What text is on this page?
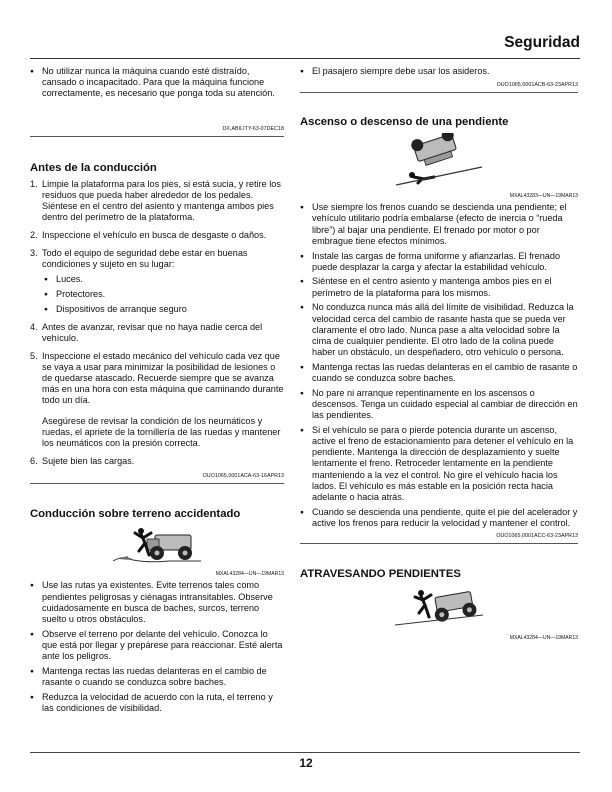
Seguridad
● No utilizar nunca la máquina cuando esté distraído, cansado o incapacitado. Para que la máquina funcione correctamente, es necesario que ponga toda su atención.
DX,ABILITY-63-07DEC18
Antes de la conducción
1. Limpie la plataforma para los pies, si está sucia, y retire los residuos que pueda haber alrededor de los pedales. Siéntese en el centro del asiento y mantenga ambos pies dentro del perímetro de la plataforma.
2. Inspeccione el vehículo en busca de desgaste o daños.
3. Todo el equipo de seguridad debe estar en buenas condiciones y sujeto en su lugar:
● Luces.
● Protectores.
● Dispositivos de arranque seguro
4. Antes de avanzar, revisar que no haya nadie cerca del vehículo.
5. Inspeccione el estado mecánico del vehículo cada vez que se vaya a usar para minimizar la posibilidad de lesiones o de quedarse atascado. Recuerde siempre que se avanza más en una hora con esta máquina que caminando durante todo un día.
Asegúrese de revisar la condición de los neumáticos y ruedas, el apriete de la tornillería de las ruedas y mantener los neumáticos con la presión correcta.
6. Sujete bien las cargas.
OUO1065,0001ACA-63-16APR13
Conducción sobre terreno accidentado
MXAL43284—UN—19MAR13
● Use las rutas ya existentes. Evite terrenos tales como pendientes peligrosas y ciénagas intransitables. Observe cuidadosamente en busca de baches, surcos, terreno suelto u otros obstáculos.
● Observe el terreno por delante del vehículo. Conozca lo que está por llegar y prepárese para reaccionar. Esté alerta ante los peligros.
● Mantenga rectas las ruedas delanteras en el cambio de rasante o cuando se conduzca sobre baches.
● Reduzca la velocidad de acuerdo con la ruta, el terreno y las condiciones de visibilidad.
● El pasajero siempre debe usar los asideros.
OUO1065,0001ACB-63-23APR13
Ascenso o descenso de una pendiente
MXAL43283—UN—19MAR13
● Use siempre los frenos cuando se descienda una pendiente; el vehículo utilitario podría embalarse (efecto de inercia o “rueda libre”) al bajar una pendiente. El frenado por motor o por embrague tiene efectos mínimos.
● Instale las cargas de forma uniforme y afianzarlas. El frenado puede desplazar la carga y afectar la estabilidad vehículo.
● Siéntese en el centro asiento y mantenga ambos pies en el perímetro de la plataforma para los mismos.
● No conduzca nunca más allá del límite de visibilidad. Reduzca la velocidad cerca del cambio de rasante hasta que se pueda ver claramente el otro lado. Nunca pase a alta velocidad sobre la cima de cualquier pendiente. El otro lado de la colina puede haber un obstáculo, un despeñadero, otro vehículo o persona.
● Mantenga rectas las ruedas delanteras en el cambio de rasante o cuando se conduzca sobre baches.
● No pare ni arranque repentinamente en los ascensos o descensos. Tenga un cuidado especial al cambiar de dirección en las pendientes.
● Si el vehículo se para o pierde potencia durante un ascenso, active el freno de estacionamiento para detener el vehículo en la pendiente. Mantenga la dirección de desplazamiento y suelte lentamente el freno. Retroceder lentamente en la pendiente manteniendo a la vez el control. No gire el vehículo hacia los lados. El vehículo es más estable en la posición recta hacia adelante o hacia atrás.
● Cuando se descienda una pendiente, quite el pie del acelerador y active los frenos para reducir la velocidad y mantener el control.
OUO1065,0001ACC-63-23APR13
ATRAVESANDO PENDIENTES
MXAL43284—UN—19MAR13
12
